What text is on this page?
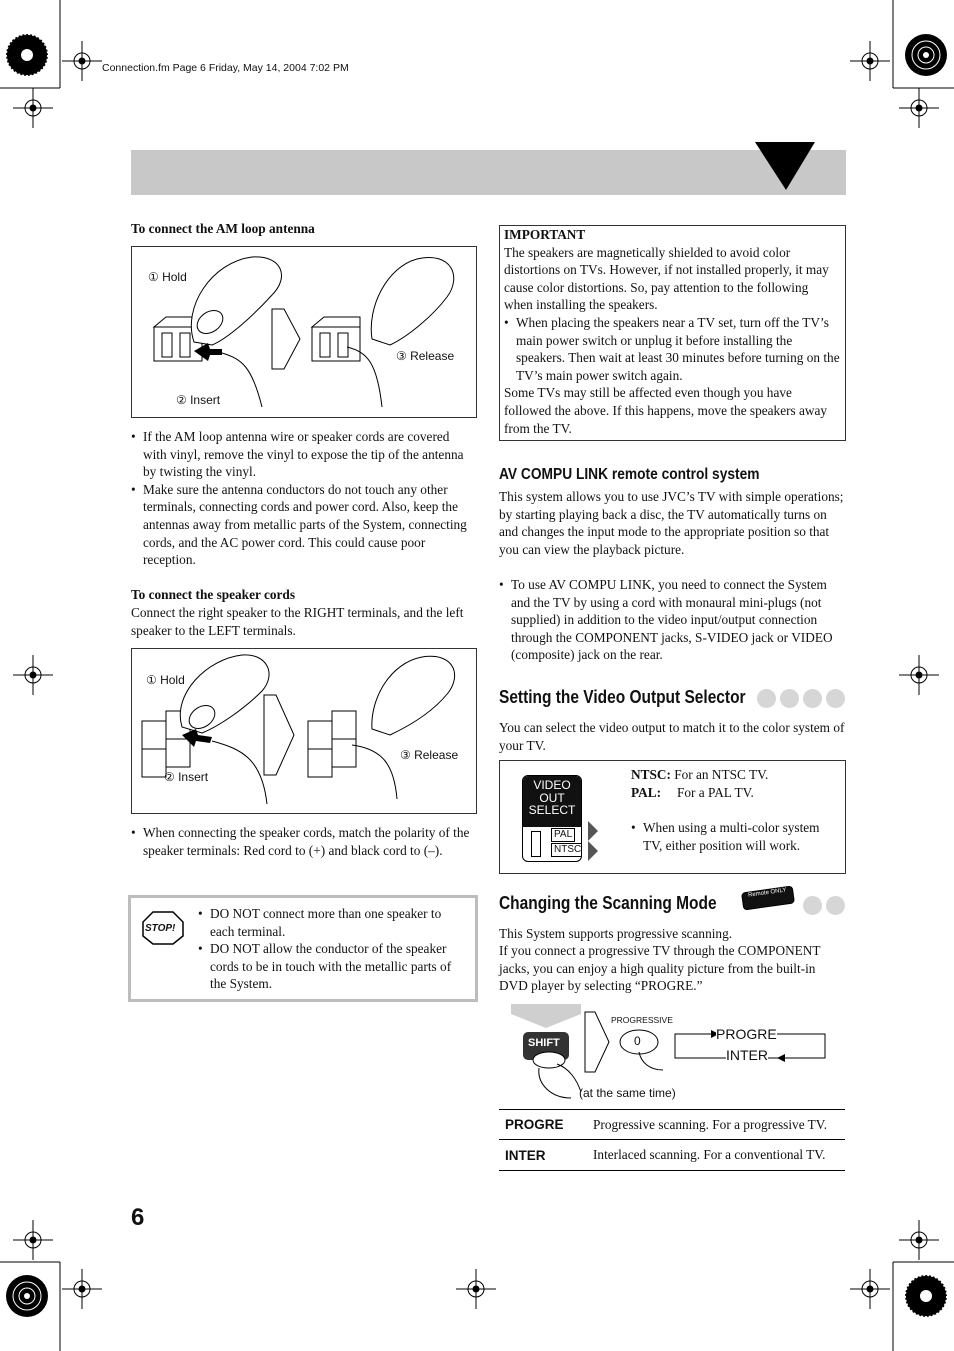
Connection.fm Page 6 Friday, May 14, 2004 7:02 PM
To connect the AM loop antenna
① Hold
② Insert
③ Release
• If the AM loop antenna wire or speaker cords are covered with vinyl, remove the vinyl to expose the tip of the antenna by twisting the vinyl.
• Make sure the antenna conductors do not touch any other terminals, connecting cords and power cord. Also, keep the antennas away from metallic parts of the System, connecting cords, and the AC power cord. This could cause poor reception.
To connect the speaker cords
Connect the right speaker to the RIGHT terminals, and the left speaker to the LEFT terminals.
① Hold
② Insert
③ Release
• When connecting the speaker cords, match the polarity of the speaker terminals: Red cord to (+) and black cord to (–).
STOP!
• DO NOT connect more than one speaker to each terminal.
• DO NOT allow the conductor of the speaker cords to be in touch with the metallic parts of the System.
6
IMPORTANT
The speakers are magnetically shielded to avoid color distortions on TVs. However, if not installed properly, it may cause color distortions. So, pay attention to the following when installing the speakers.
• When placing the speakers near a TV set, turn off the TV’s main power switch or unplug it before installing the speakers. Then wait at least 30 minutes before turning on the TV’s main power switch again.
Some TVs may still be affected even though you have followed the above. If this happens, move the speakers away from the TV.
AV COMPU LINK remote control system
This system allows you to use JVC’s TV with simple operations; by starting playing back a disc, the TV automatically turns on and changes the input mode to the appropriate position so that you can view the playback picture.
• To use AV COMPU LINK, you need to connect the System and the TV by using a cord with monaural mini-plugs (not supplied) in addition to the video input/output connection through the COMPONENT jacks, S-VIDEO jack or VIDEO (composite) jack on the rear.
Setting the Video Output Selector
You can select the video output to match it to the color system of your TV.
VIDEO
OUT
SELECT
PAL
NTSC
NTSC: For an NTSC TV.
PAL: For a PAL TV.
• When using a multi-color system TV, either position will work.
Changing the Scanning Mode	Remote ONLY
This System supports progressive scanning.
If you connect a progressive TV through the COMPONENT jacks, you can enjoy a high quality picture from the built-in DVD player by selecting “PROGRE.”
SHIFT
PROGRESSIVE
0	PROGRE
INTER
(at the same time)
PROGRE	Progressive scanning. For a progressive TV.
INTER	Interlaced scanning. For a conventional TV.
